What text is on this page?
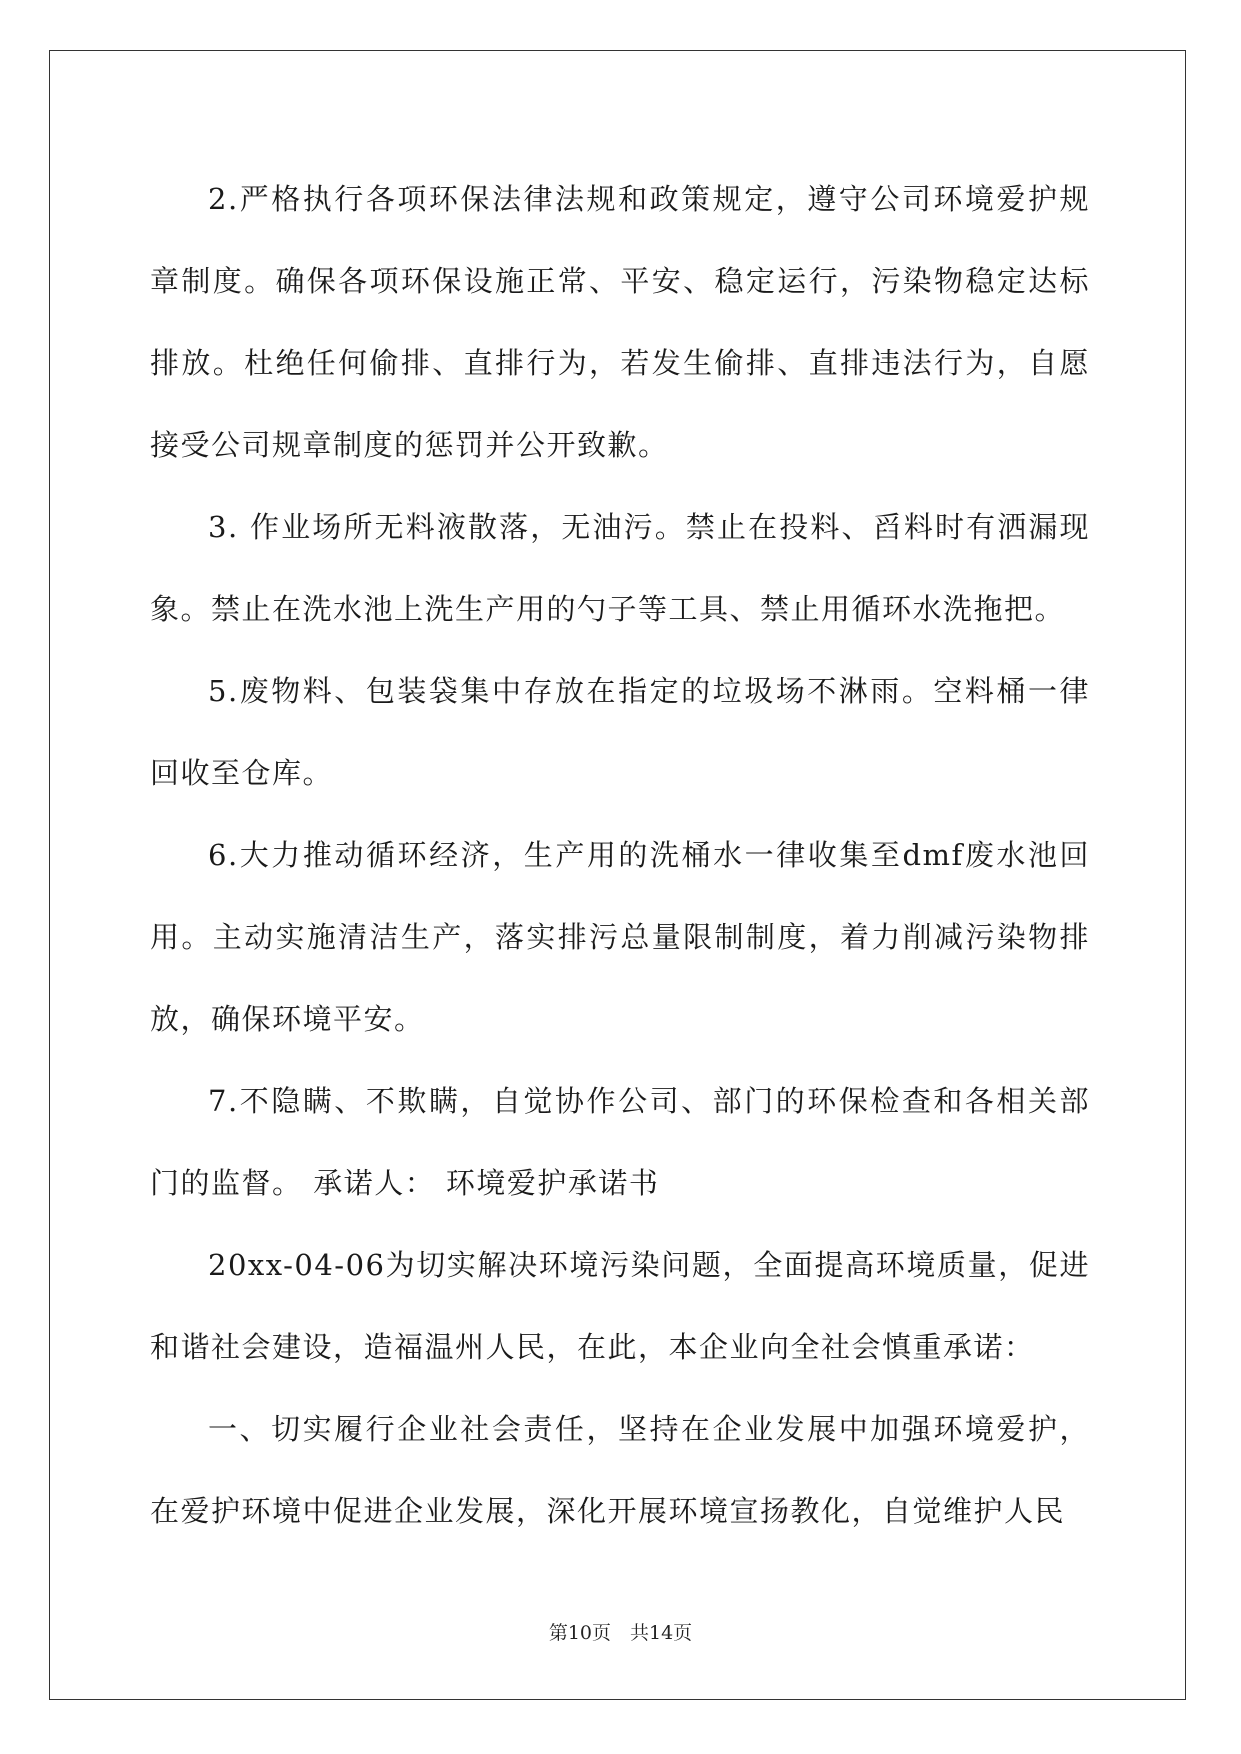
2.严格执行各项环保法律法规和政策规定，遵守公司环境爱护规章制度。确保各项环保设施正常、平安、稳定运行，污染物稳定达标排放。杜绝任何偷排、直排行为，若发生偷排、直排违法行为，自愿接受公司规章制度的惩罚并公开致歉。

3. 作业场所无料液散落，无油污。禁止在投料、舀料时有洒漏现象。禁止在洗水池上洗生产用的勺子等工具、禁止用循环水洗拖把。

5.废物料、包装袋集中存放在指定的垃圾场不淋雨。空料桶一律回收至仓库。

6.大力推动循环经济，生产用的洗桶水一律收集至dmf废水池回用。主动实施清洁生产，落实排污总量限制制度，着力削减污染物排放，确保环境平安。

7.不隐瞒、不欺瞒，自觉协作公司、部门的环保检查和各相关部门的监督。 承诺人： 环境爱护承诺书

20xx-04-06为切实解决环境污染问题，全面提高环境质量，促进和谐社会建设，造福温州人民，在此，本企业向全社会慎重承诺：

一、切实履行企业社会责任，坚持在企业发展中加强环境爱护，在爱护环境中促进企业发展，深化开展环境宣扬教化，自觉维护人民

第10页　共14页
